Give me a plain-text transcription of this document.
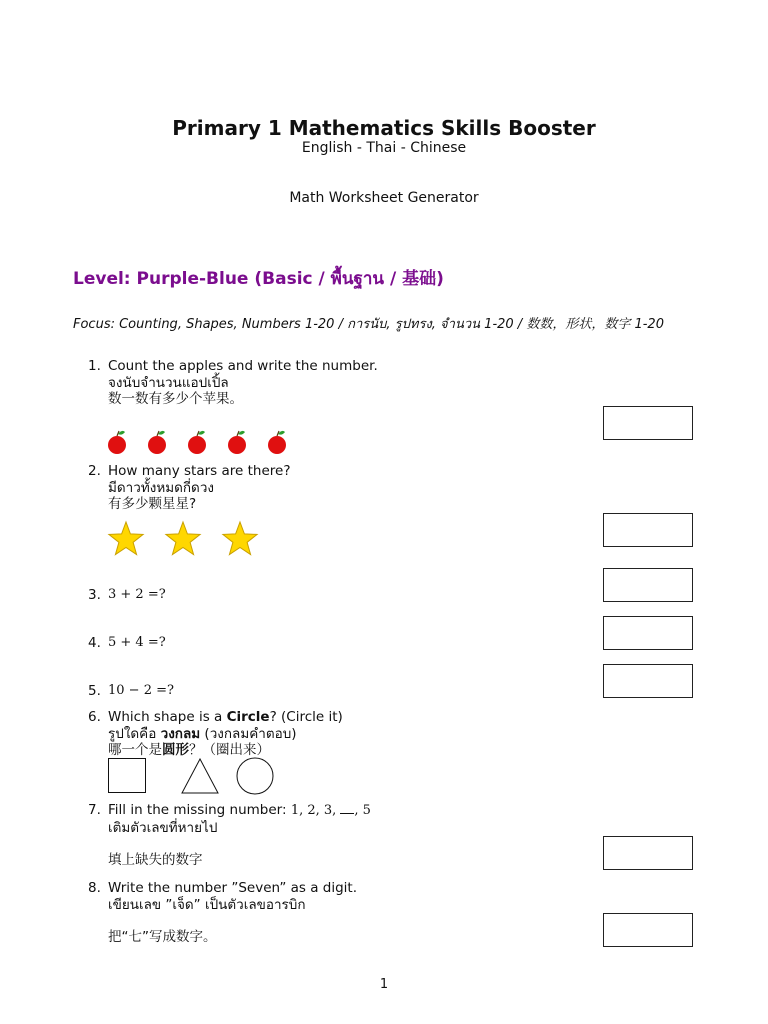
Primary 1 Mathematics Skills Booster
English - Thai - Chinese
Math Worksheet Generator
Level: Purple-Blue (Basic / พื้นฐาน / 基础)
Focus: Counting, Shapes, Numbers 1-20 / การนับ, รูปทรง, จำนวน 1-20 / 数数，形状，数字 1-20
1. Count the apples and write the number.
จงนับจำนวนแอปเปิ้ล
数一数有多少个苹果。
2. How many stars are there?
มีดาวทั้งหมดกี่ดวง
有多少颗星星?
3. 3 + 2 =?
4. 5 + 4 =?
5. 10 − 2 =?
6. Which shape is a Circle? (Circle it)
รูปใดคือ วงกลม (วงกลมคำตอบ)
哪一个是圆形？（圈出来）
7. Fill in the missing number: 1, 2, 3, , 5
เติมตัวเลขที่หายไป
填上缺失的数字
8. Write the number ”Seven” as a digit.
เขียนเลข ”เจ็ด” เป็นตัวเลขอารบิก
把“七”写成数字。
1
